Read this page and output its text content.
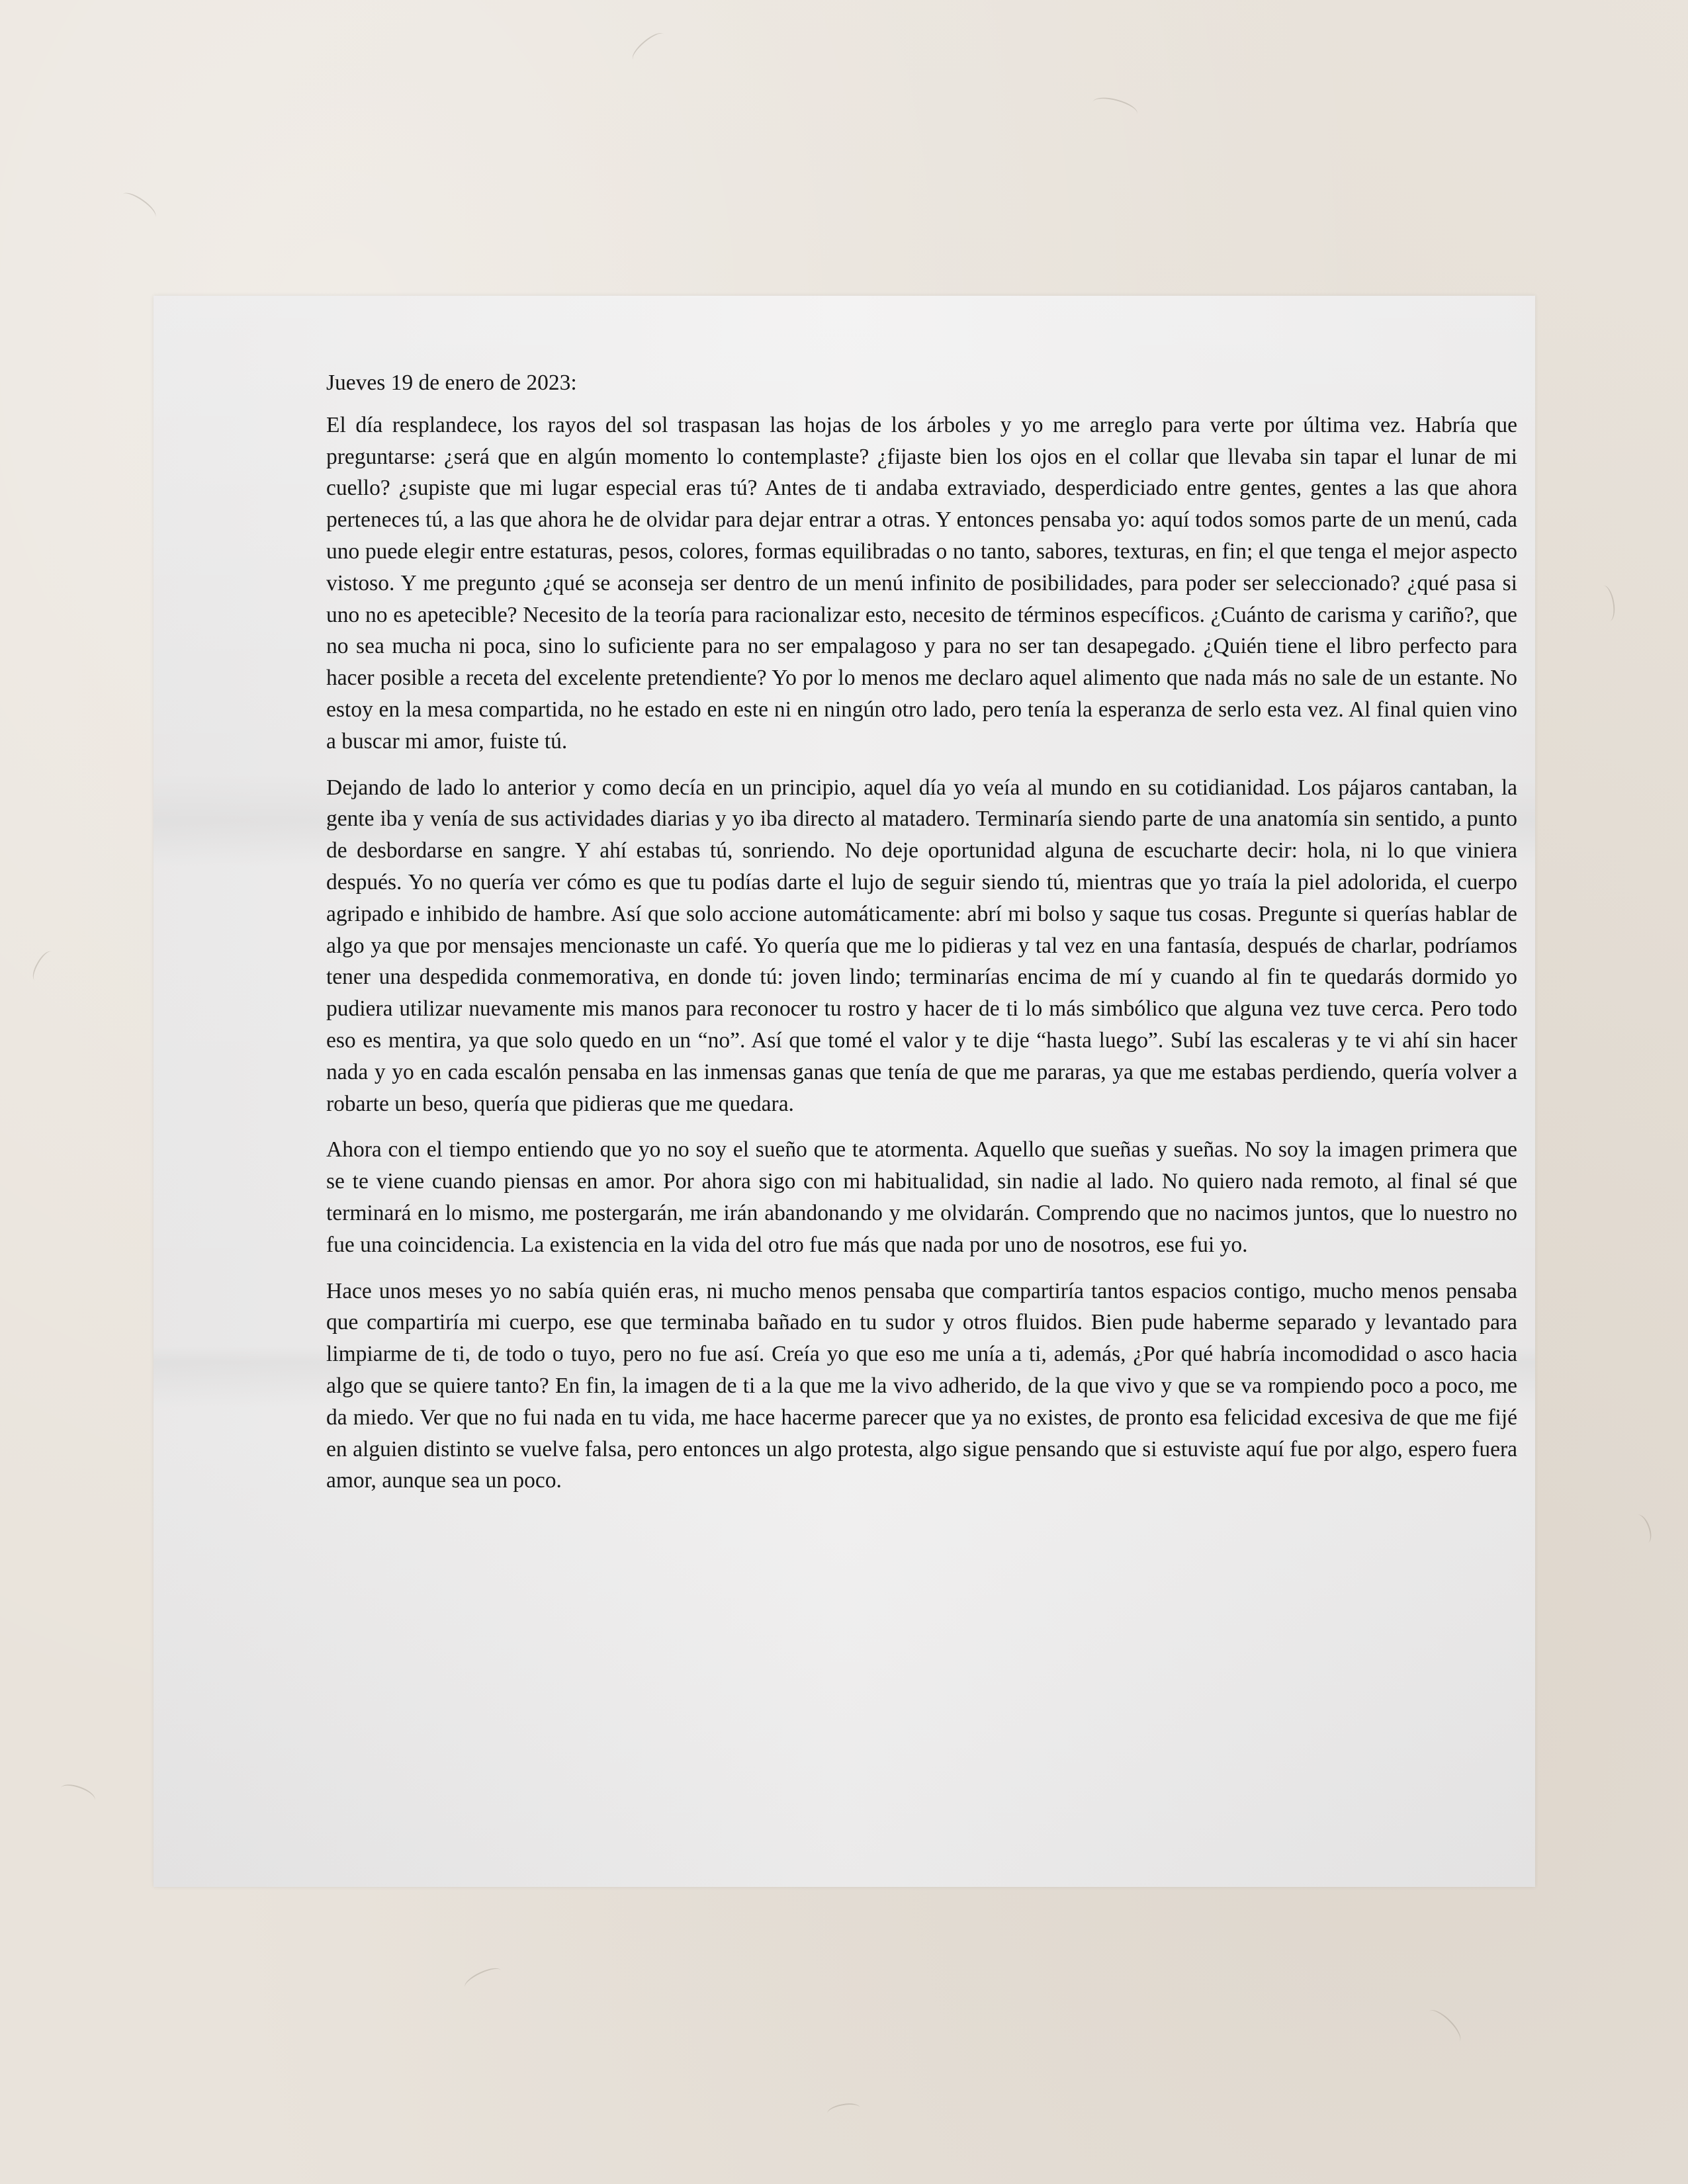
Jueves 19 de enero de 2023:

El día resplandece, los rayos del sol traspasan las hojas de los árboles y yo me arreglo para verte por última vez. Habría que preguntarse: ¿será que en algún momento lo contemplaste? ¿fijaste bien los ojos en el collar que llevaba sin tapar el lunar de mi cuello? ¿supiste que mi lugar especial eras tú? Antes de ti andaba extraviado, desperdiciado entre gentes, gentes a las que ahora perteneces tú, a las que ahora he de olvidar para dejar entrar a otras. Y entonces pensaba yo: aquí todos somos parte de un menú, cada uno puede elegir entre estaturas, pesos, colores, formas equilibradas o no tanto, sabores, texturas, en fin; el que tenga el mejor aspecto vistoso. Y me pregunto ¿qué se aconseja ser dentro de un menú infinito de posibilidades, para poder ser seleccionado? ¿qué pasa si uno no es apetecible? Necesito de la teoría para racionalizar esto, necesito de términos específicos. ¿Cuánto de carisma y cariño?, que no sea mucha ni poca, sino lo suficiente para no ser empalagoso y para no ser tan desapegado. ¿Quién tiene el libro perfecto para hacer posible a receta del excelente pretendiente? Yo por lo menos me declaro aquel alimento que nada más no sale de un estante. No estoy en la mesa compartida, no he estado en este ni en ningún otro lado, pero tenía la esperanza de serlo esta vez. Al final quien vino a buscar mi amor, fuiste tú.

Dejando de lado lo anterior y como decía en un principio, aquel día yo veía al mundo en su cotidianidad. Los pájaros cantaban, la gente iba y venía de sus actividades diarias y yo iba directo al matadero. Terminaría siendo parte de una anatomía sin sentido, a punto de desbordarse en sangre. Y ahí estabas tú, sonriendo. No deje oportunidad alguna de escucharte decir: hola, ni lo que viniera después. Yo no quería ver cómo es que tu podías darte el lujo de seguir siendo tú, mientras que yo traía la piel adolorida, el cuerpo agripado e inhibido de hambre. Así que solo accione automáticamente: abrí mi bolso y saque tus cosas. Pregunte si querías hablar de algo ya que por mensajes mencionaste un café. Yo quería que me lo pidieras y tal vez en una fantasía, después de charlar, podríamos tener una despedida conmemorativa, en donde tú: joven lindo; terminarías encima de mí y cuando al fin te quedarás dormido yo pudiera utilizar nuevamente mis manos para reconocer tu rostro y hacer de ti lo más simbólico que alguna vez tuve cerca. Pero todo eso es mentira, ya que solo quedo en un “no”. Así que tomé el valor y te dije “hasta luego”. Subí las escaleras y te vi ahí sin hacer nada y yo en cada escalón pensaba en las inmensas ganas que tenía de que me pararas, ya que me estabas perdiendo, quería volver a robarte un beso, quería que pidieras que me quedara.

Ahora con el tiempo entiendo que yo no soy el sueño que te atormenta. Aquello que sueñas y sueñas. No soy la imagen primera que se te viene cuando piensas en amor. Por ahora sigo con mi habitualidad, sin nadie al lado. No quiero nada remoto, al final sé que terminará en lo mismo, me postergarán, me irán abandonando y me olvidarán. Comprendo que no nacimos juntos, que lo nuestro no fue una coincidencia. La existencia en la vida del otro fue más que nada por uno de nosotros, ese fui yo.

Hace unos meses yo no sabía quién eras, ni mucho menos pensaba que compartiría tantos espacios contigo, mucho menos pensaba que compartiría mi cuerpo, ese que terminaba bañado en tu sudor y otros fluidos. Bien pude haberme separado y levantado para limpiarme de ti, de todo o tuyo, pero no fue así. Creía yo que eso me unía a ti, además, ¿Por qué habría incomodidad o asco hacia algo que se quiere tanto? En fin, la imagen de ti a la que me la vivo adherido, de la que vivo y que se va rompiendo poco a poco, me da miedo. Ver que no fui nada en tu vida, me hace hacerme parecer que ya no existes, de pronto esa felicidad excesiva de que me fijé en alguien distinto se vuelve falsa, pero entonces un algo protesta, algo sigue pensando que si estuviste aquí fue por algo, espero fuera amor, aunque sea un poco.
